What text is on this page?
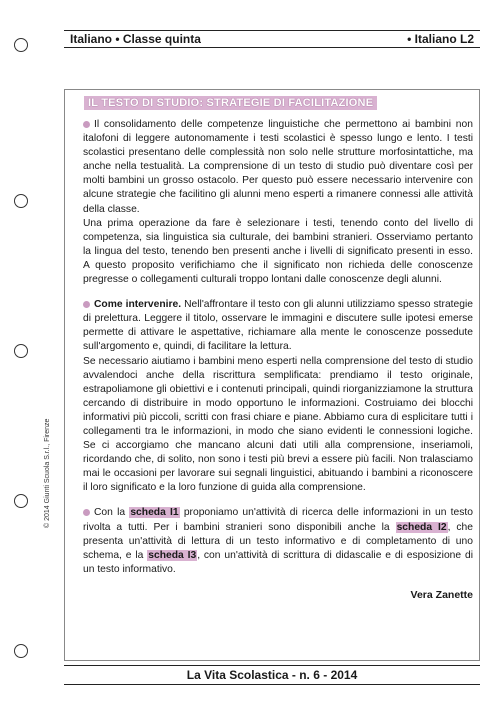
© 2014 Giunti Scuola S.r.l., Firenze
Italiano • Classe quinta	• Italiano L2
IL TESTO DI STUDIO: STRATEGIE DI FACILITAZIONE

Il consolidamento delle competenze linguistiche che permettono ai bambini non italofoni di leggere autonomamente i testi scolastici è spesso lungo e lento. I testi scolastici presentano delle complessità non solo nelle strutture morfosintattiche, ma anche nella testualità. La comprensione di un testo di studio può diventare così per molti bambini un grosso ostacolo. Per questo può essere necessario intervenire con alcune strategie che facilitino gli alunni meno esperti a rimanere connessi alle attività della classe.
Una prima operazione da fare è selezionare i testi, tenendo conto del livello di competenza, sia linguistica sia culturale, dei bambini stranieri. Osserviamo pertanto la lingua del testo, tenendo ben presenti anche i livelli di significato presenti in esso. A questo proposito verifichiamo che il significato non richieda delle conoscenze pregresse o collegamenti culturali troppo lontani dalle conoscenze degli alunni.

Come intervenire. Nell'affrontare il testo con gli alunni utilizziamo spesso strategie di prelettura. Leggere il titolo, osservare le immagini e discutere sulle ipotesi emerse permette di attivare le aspettative, richiamare alla mente le conoscenze possedute sull'argomento e, quindi, di facilitare la lettura.
Se necessario aiutiamo i bambini meno esperti nella comprensione del testo di studio avvalendoci anche della riscrittura semplificata: prendiamo il testo originale, estrapoliamone gli obiettivi e i contenuti principali, quindi riorganizziamone la struttura cercando di distribuire in modo opportuno le informazioni. Costruiamo dei blocchi informativi più piccoli, scritti con frasi chiare e piane. Abbiamo cura di esplicitare tutti i collegamenti tra le informazioni, in modo che siano evidenti le connessioni logiche. Se ci accorgiamo che mancano alcuni dati utili alla comprensione, inseriamoli, ricordando che, di solito, non sono i testi più brevi a essere più facili. Non tralasciamo mai le occasioni per lavorare sui segnali linguistici, abituando i bambini a riconoscere il loro significato e la loro funzione di guida alla comprensione.

Con la scheda I1 proponiamo un'attività di ricerca delle informazioni in un testo rivolta a tutti. Per i bambini stranieri sono disponibili anche la scheda I2, che presenta un'attività di lettura di un testo informativo e di completamento di uno schema, e la scheda I3, con un'attività di scrittura di didascalie e di esposizione di un testo informativo.

Vera Zanette
La Vita Scolastica - n. 6 - 2014
